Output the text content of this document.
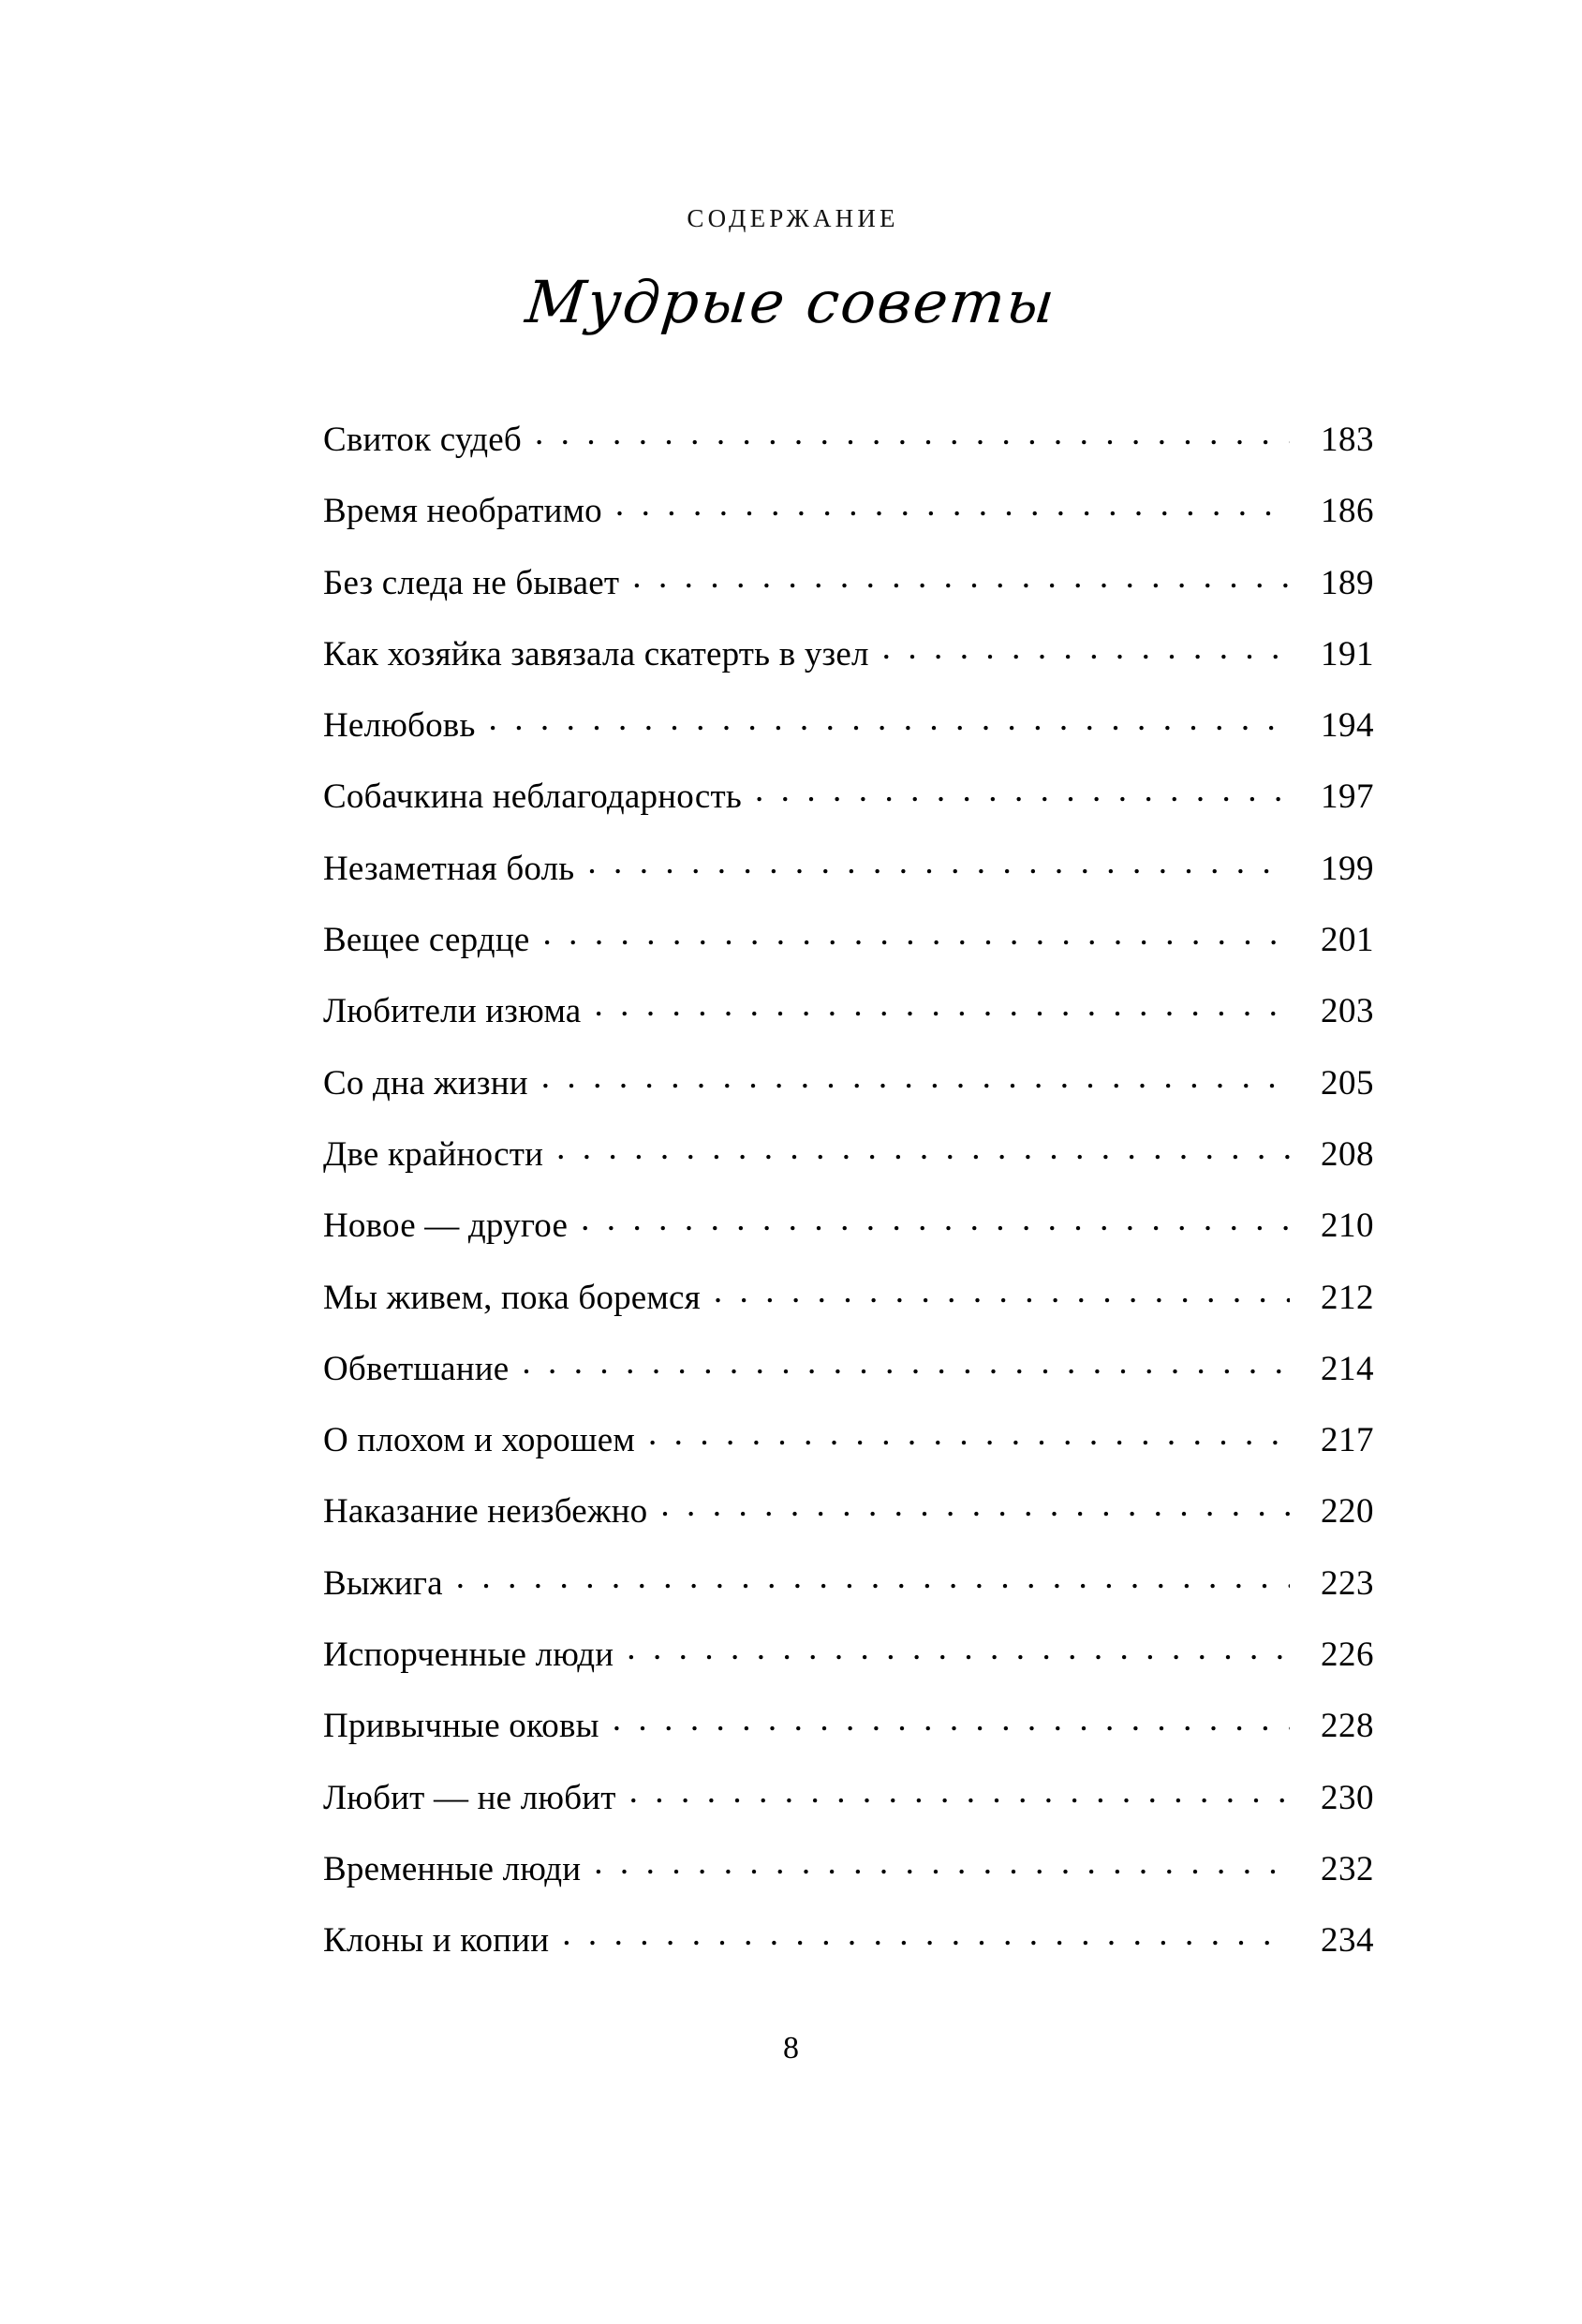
СОДЕРЖАНИЕ
Мудрые советы
Свиток судеб . . .	183
Время необратимо . . .	186
Без следа не бывает . . .	189
Как хозяйка завязала скатерть в узел . . .	191
Нелюбовь . . .	194
Собачкина неблагодарность . . .	197
Незаметная боль . . .	199
Вещее сердце . . .	201
Любители изюма . . .	203
Со дна жизни . . .	205
Две крайности . . .	208
Новое — другое . . .	210
Мы живем, пока боремся . . .	212
Обветшание . . .	214
О плохом и хорошем . . .	217
Наказание неизбежно . . .	220
Выжига . . .	223
Испорченные люди . . .	226
Привычные оковы . . .	228
Любит — не любит . . .	230
Временные люди . . .	232
Клоны и копии . . .	234
8
